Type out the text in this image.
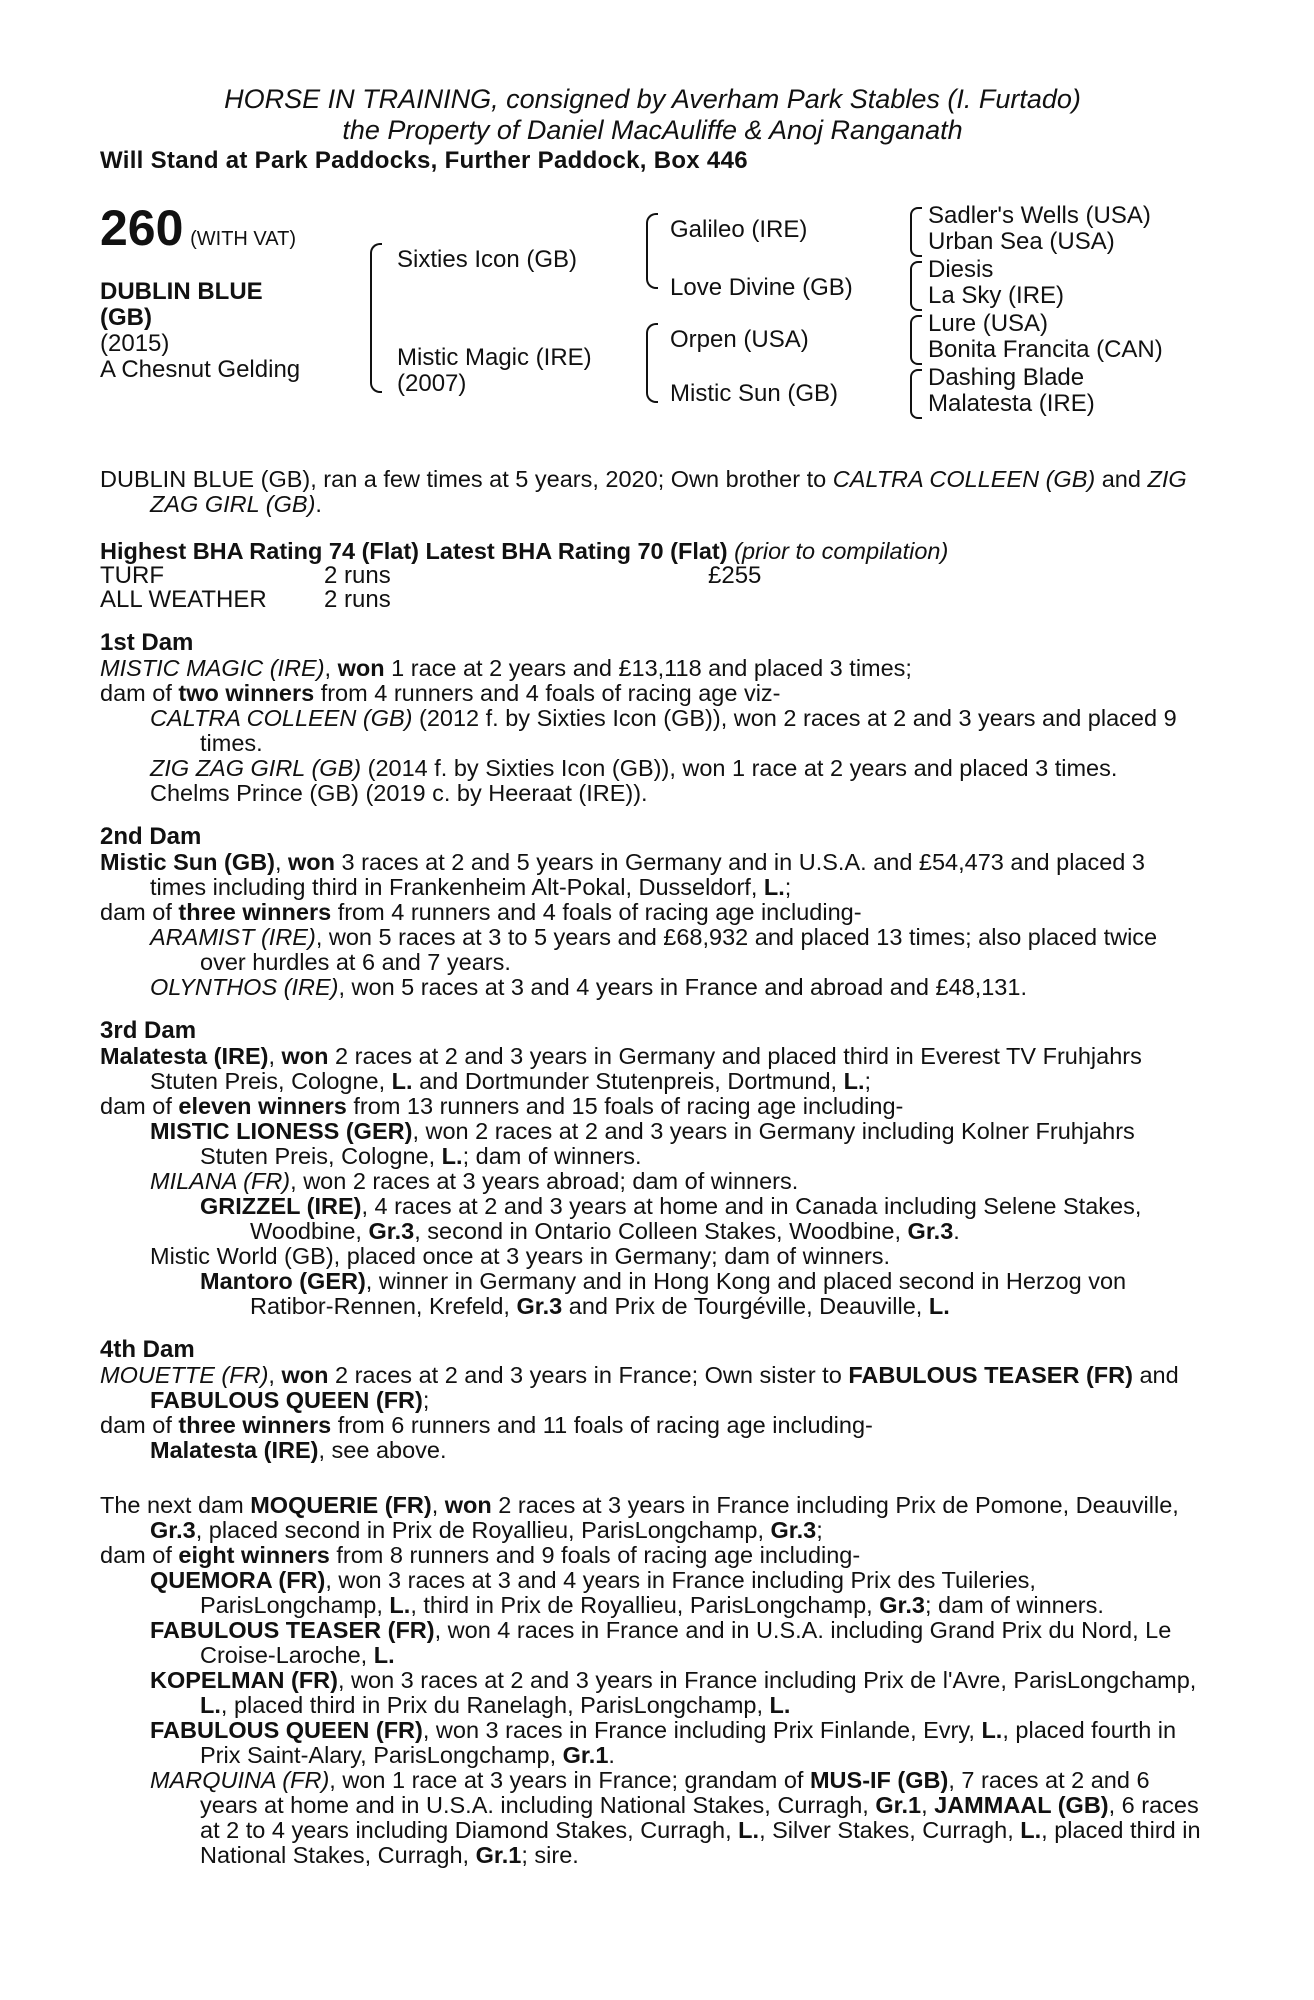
HORSE IN TRAINING, consigned by Averham Park Stables (I. Furtado)
the Property of Daniel MacAuliffe & Anoj Ranganath
Will Stand at Park Paddocks, Further Paddock, Box 446
260 (WITH VAT)
DUBLIN BLUE
(GB)
(2015)
A Chesnut Gelding
Sixties Icon (GB)
Mistic Magic (IRE)
(2007)
Galileo (IRE)
Love Divine (GB)
Orpen (USA)
Mistic Sun (GB)
Sadler's Wells (USA)
Urban Sea (USA)
Diesis
La Sky (IRE)
Lure (USA)
Bonita Francita (CAN)
Dashing Blade
Malatesta (IRE)
DUBLIN BLUE (GB), ran a few times at 5 years, 2020; Own brother to CALTRA COLLEEN (GB) and ZIG ZAG GIRL (GB).
Highest BHA Rating 74 (Flat) Latest BHA Rating 70 (Flat) (prior to compilation)
TURF	2 runs	£255
ALL WEATHER 2 runs
1st Dam
MISTIC MAGIC (IRE), won 1 race at 2 years and £13,118 and placed 3 times;
dam of two winners from 4 runners and 4 foals of racing age viz-
CALTRA COLLEEN (GB) (2012 f. by Sixties Icon (GB)), won 2 races at 2 and 3 years and placed 9 times.
ZIG ZAG GIRL (GB) (2014 f. by Sixties Icon (GB)), won 1 race at 2 years and placed 3 times.
Chelms Prince (GB) (2019 c. by Heeraat (IRE)).
2nd Dam
Mistic Sun (GB), won 3 races at 2 and 5 years in Germany and in U.S.A. and £54,473 and placed 3 times including third in Frankenheim Alt-Pokal, Dusseldorf, L.;
dam of three winners from 4 runners and 4 foals of racing age including-
ARAMIST (IRE), won 5 races at 3 to 5 years and £68,932 and placed 13 times; also placed twice over hurdles at 6 and 7 years.
OLYNTHOS (IRE), won 5 races at 3 and 4 years in France and abroad and £48,131.
3rd Dam
Malatesta (IRE), won 2 races at 2 and 3 years in Germany and placed third in Everest TV Fruhjahrs Stuten Preis, Cologne, L. and Dortmunder Stutenpreis, Dortmund, L.;
dam of eleven winners from 13 runners and 15 foals of racing age including-
MISTIC LIONESS (GER), won 2 races at 2 and 3 years in Germany including Kolner Fruhjahrs Stuten Preis, Cologne, L.; dam of winners.
MILANA (FR), won 2 races at 3 years abroad; dam of winners.
GRIZZEL (IRE), 4 races at 2 and 3 years at home and in Canada including Selene Stakes, Woodbine, Gr.3, second in Ontario Colleen Stakes, Woodbine, Gr.3.
Mistic World (GB), placed once at 3 years in Germany; dam of winners.
Mantoro (GER), winner in Germany and in Hong Kong and placed second in Herzog von Ratibor-Rennen, Krefeld, Gr.3 and Prix de Tourgéville, Deauville, L.
4th Dam
MOUETTE (FR), won 2 races at 2 and 3 years in France; Own sister to FABULOUS TEASER (FR) and FABULOUS QUEEN (FR);
dam of three winners from 6 runners and 11 foals of racing age including-
Malatesta (IRE), see above.
The next dam MOQUERIE (FR), won 2 races at 3 years in France including Prix de Pomone, Deauville, Gr.3, placed second in Prix de Royallieu, ParisLongchamp, Gr.3;
dam of eight winners from 8 runners and 9 foals of racing age including-
QUEMORA (FR), won 3 races at 3 and 4 years in France including Prix des Tuileries, ParisLongchamp, L., third in Prix de Royallieu, ParisLongchamp, Gr.3; dam of winners.
FABULOUS TEASER (FR), won 4 races in France and in U.S.A. including Grand Prix du Nord, Le Croise-Laroche, L.
KOPELMAN (FR), won 3 races at 2 and 3 years in France including Prix de l'Avre, ParisLongchamp, L., placed third in Prix du Ranelagh, ParisLongchamp, L.
FABULOUS QUEEN (FR), won 3 races in France including Prix Finlande, Evry, L., placed fourth in Prix Saint-Alary, ParisLongchamp, Gr.1.
MARQUINA (FR), won 1 race at 3 years in France; grandam of MUS-IF (GB), 7 races at 2 and 6 years at home and in U.S.A. including National Stakes, Curragh, Gr.1, JAMMAAL (GB), 6 races at 2 to 4 years including Diamond Stakes, Curragh, L., Silver Stakes, Curragh, L., placed third in National Stakes, Curragh, Gr.1; sire.
